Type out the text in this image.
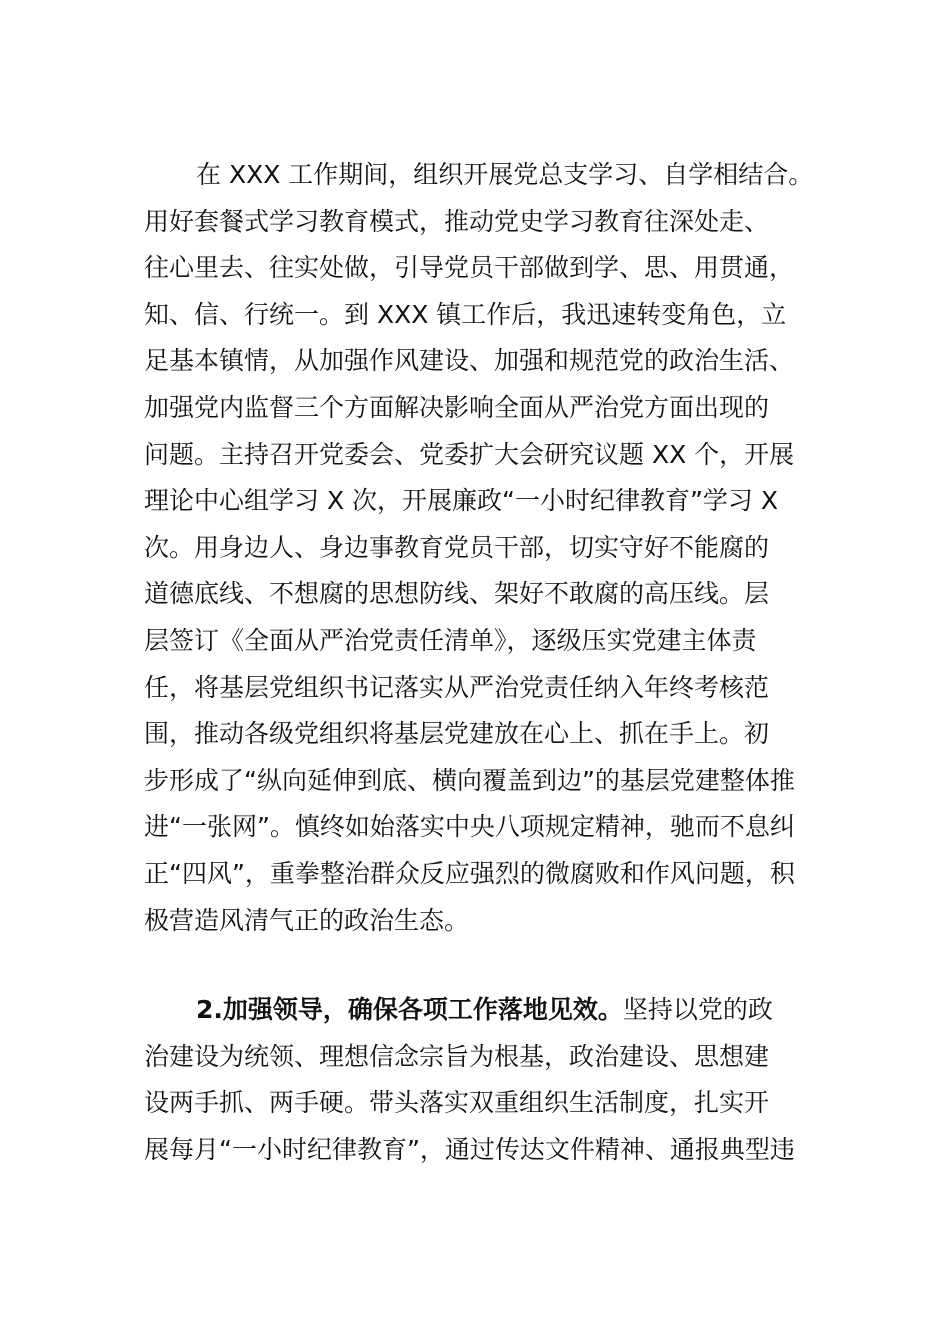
在 XXX 工作期间，组织开展党总支学习、自学相结合。
用好套餐式学习教育模式，推动党史学习教育往深处走、
往心里去、往实处做，引导党员干部做到学、思、用贯通，
知、信、行统一。到 XXX 镇工作后，我迅速转变角色，立
足基本镇情，从加强作风建设、加强和规范党的政治生活、
加强党内监督三个方面解决影响全面从严治党方面出现的
问题。主持召开党委会、党委扩大会研究议题 XX 个，开展
理论中心组学习 X 次，开展廉政“一小时纪律教育”学习 X
次。用身边人、身边事教育党员干部，切实守好不能腐的
道德底线、不想腐的思想防线、架好不敢腐的高压线。层
层签订《全面从严治党责任清单》，逐级压实党建主体责
任，将基层党组织书记落实从严治党责任纳入年终考核范
围，推动各级党组织将基层党建放在心上、抓在手上。初
步形成了“纵向延伸到底、横向覆盖到边”的基层党建整体推
进“一张网”。慎终如始落实中央八项规定精神，驰而不息纠
正“四风”，重拳整治群众反应强烈的微腐败和作风问题，积
极营造风清气正的政治生态。
2.加强领导，确保各项工作落地见效。坚持以党的政
治建设为统领、理想信念宗旨为根基，政治建设、思想建
设两手抓、两手硬。带头落实双重组织生活制度，扎实开
展每月“一小时纪律教育”，通过传达文件精神、通报典型违
